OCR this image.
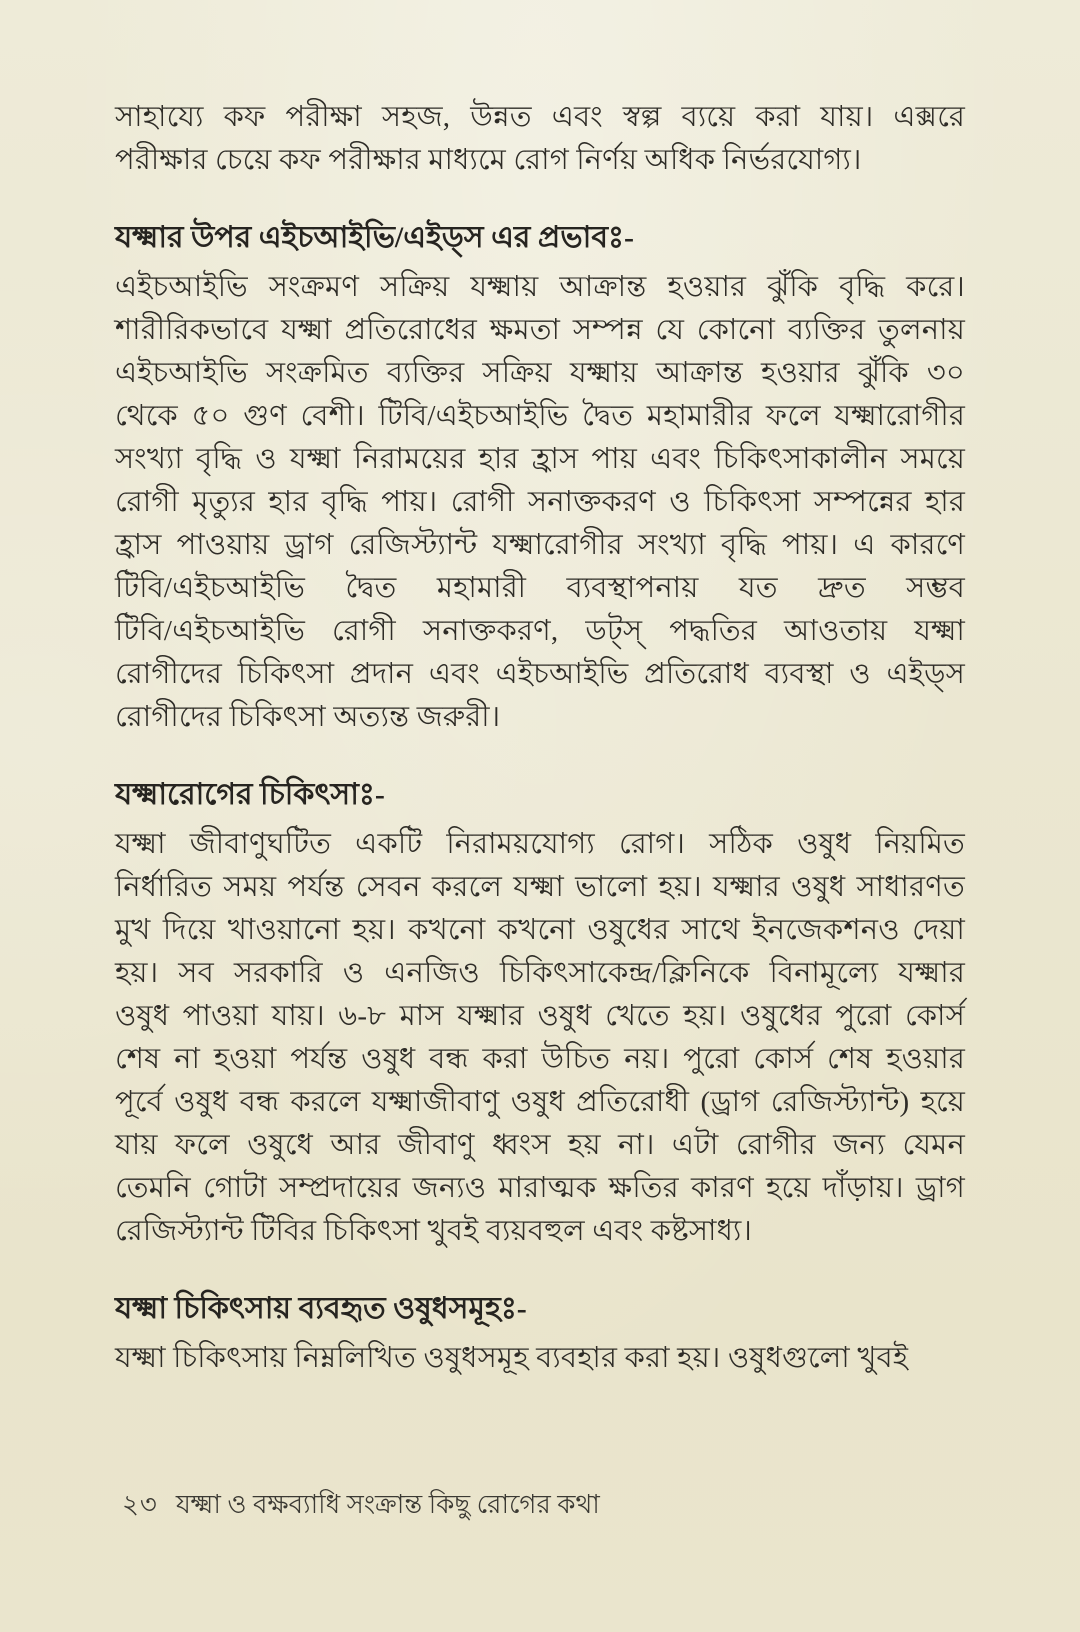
সাহায্যে কফ পরীক্ষা সহজ, উন্নত এবং স্বল্প ব্যয়ে করা যায়। এক্সরে
পরীক্ষার চেয়ে কফ পরীক্ষার মাধ্যমে রোগ নির্ণয় অধিক নির্ভরযোগ্য।

যক্ষ্মার উপর এইচআইভি/এইড্স এর প্রভাবঃ-

এইচআইভি সংক্রমণ সক্রিয় যক্ষ্মায় আক্রান্ত হওয়ার ঝুঁকি বৃদ্ধি করে।
শারীরিকভাবে যক্ষ্মা প্রতিরোধের ক্ষমতা সম্পন্ন যে কোনো ব্যক্তির তুলনায়
এইচআইভি সংক্রমিত ব্যক্তির সক্রিয় যক্ষ্মায় আক্রান্ত হওয়ার ঝুঁকি ৩০
থেকে ৫০ গুণ বেশী। টিবি/এইচআইভি দ্বৈত মহামারীর ফলে যক্ষ্মারোগীর
সংখ্যা বৃদ্ধি ও যক্ষ্মা নিরাময়ের হার হ্রাস পায় এবং চিকিৎসাকালীন সময়ে
রোগী মৃত্যুর হার বৃদ্ধি পায়। রোগী সনাক্তকরণ ও চিকিৎসা সম্পন্নের হার
হ্রাস পাওয়ায় ড্রাগ রেজিস্ট্যান্ট যক্ষ্মারোগীর সংখ্যা বৃদ্ধি পায়। এ কারণে
টিবি/এইচআইভি দ্বৈত মহামারী ব্যবস্থাপনায় যত দ্রুত সম্ভব
টিবি/এইচআইভি রোগী সনাক্তকরণ, ডট্স্ পদ্ধতির আওতায় যক্ষ্মা
রোগীদের চিকিৎসা প্রদান এবং এইচআইভি প্রতিরোধ ব্যবস্থা ও এইড্স
রোগীদের চিকিৎসা অত্যন্ত জরুরী।

যক্ষ্মারোগের চিকিৎসাঃ-

যক্ষ্মা জীবাণুঘটিত একটি নিরাময়যোগ্য রোগ। সঠিক ওষুধ নিয়মিত
নির্ধারিত সময় পর্যন্ত সেবন করলে যক্ষ্মা ভালো হয়। যক্ষ্মার ওষুধ সাধারণত
মুখ দিয়ে খাওয়ানো হয়। কখনো কখনো ওষুধের সাথে ইনজেকশনও দেয়া
হয়। সব সরকারি ও এনজিও চিকিৎসাকেন্দ্র/ক্লিনিকে বিনামূল্যে যক্ষ্মার
ওষুধ পাওয়া যায়। ৬-৮ মাস যক্ষ্মার ওষুধ খেতে হয়। ওষুধের পুরো কোর্স
শেষ না হওয়া পর্যন্ত ওষুধ বন্ধ করা উচিত নয়। পুরো কোর্স শেষ হওয়ার
পূর্বে ওষুধ বন্ধ করলে যক্ষ্মাজীবাণু ওষুধ প্রতিরোধী (ড্রাগ রেজিস্ট্যান্ট) হয়ে
যায় ফলে ওষুধে আর জীবাণু ধ্বংস হয় না। এটা রোগীর জন্য যেমন
তেমনি গোটা সম্প্রদায়ের জন্যও মারাত্মক ক্ষতির কারণ হয়ে দাঁড়ায়। ড্রাগ
রেজিস্ট্যান্ট টিবির চিকিৎসা খুবই ব্যয়বহুল এবং কষ্টসাধ্য।

যক্ষ্মা চিকিৎসায় ব্যবহৃত ওষুধসমূহঃ-

যক্ষ্মা চিকিৎসায় নিম্নলিখিত ওষুধসমূহ ব্যবহার করা হয়। ওষুধগুলো খুবই

২৩ যক্ষ্মা ও বক্ষব্যাধি সংক্রান্ত কিছু রোগের কথা
